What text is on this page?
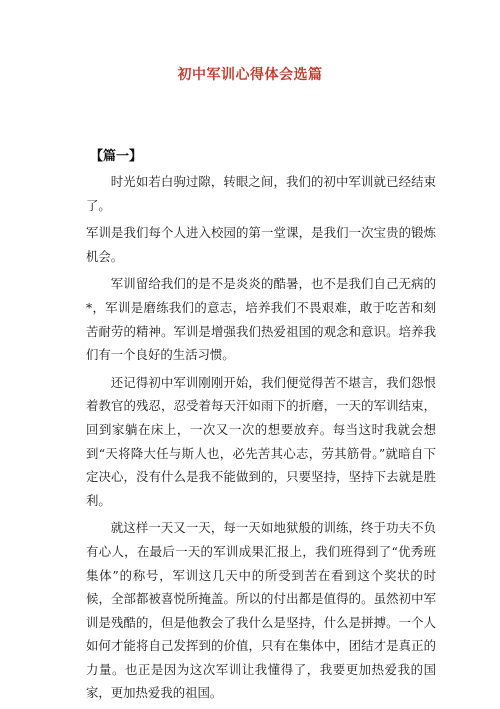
初中军训心得体会选篇
【篇一】

时光如若白驹过隙，转眼之间，我们的初中军训就已经结束了。

军训是我们每个人进入校园的第一堂课，是我们一次宝贵的锻炼机会。

军训留给我们的是不是炎炎的酷暑，也不是我们自己无病的*，军训是磨练我们的意志，培养我们不畏艰难，敢于吃苦和刻苦耐劳的精神。军训是增强我们热爱祖国的观念和意识。培养我们有一个良好的生活习惯。

还记得初中军训刚刚开始，我们便觉得苦不堪言，我们怨恨着教官的残忍，忍受着每天汗如雨下的折磨，一天的军训结束，回到家躺在床上，一次又一次的想要放弃。每当这时我就会想到“天将降大任与斯人也，必先苦其心志，劳其筋骨。”就暗自下定决心，没有什么是我不能做到的，只要坚持，坚持下去就是胜利。

就这样一天又一天，每一天如地狱般的训练，终于功夫不负有心人，在最后一天的军训成果汇报上，我们班得到了“优秀班集体”的称号，军训这几天中的所受到苦在看到这个奖状的时候，全部都被喜悦所掩盖。所以的付出都是值得的。虽然初中军训是残酷的，但是他教会了我什么是坚持，什么是拼搏。一个人如何才能将自己发挥到的价值，只有在集体中，团结才是真正的力量。也正是因为这次军训让我懂得了，我要更加热爱我的国家，更加热爱我的祖国。
